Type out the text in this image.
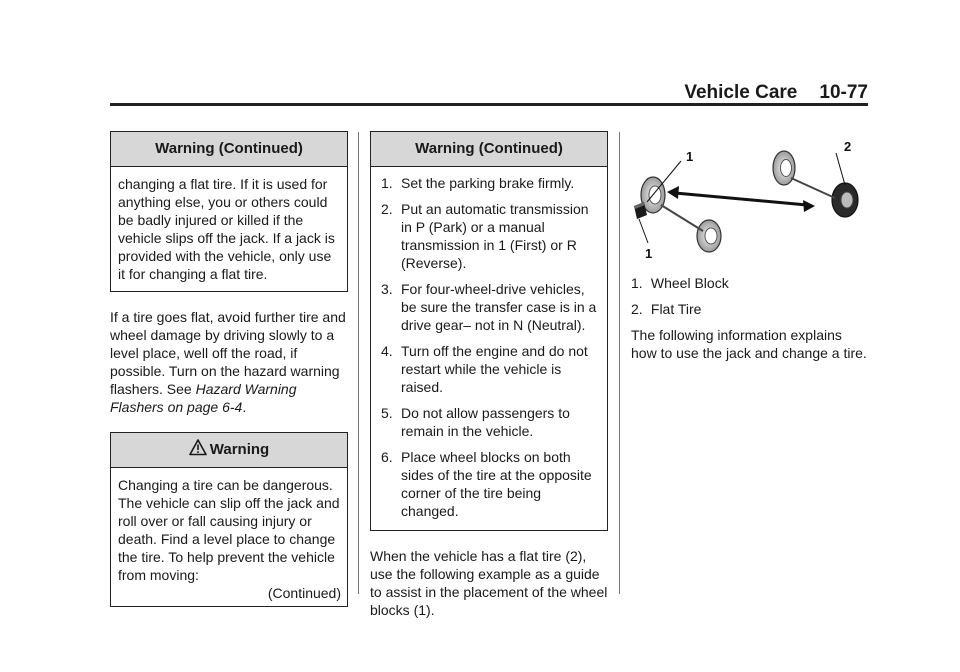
Vehicle Care 10-77
Warning (Continued)
changing a flat tire. If it is used for anything else, you or others could be badly injured or killed if the vehicle slips off the jack. If a jack is provided with the vehicle, only use it for changing a flat tire.

If a tire goes flat, avoid further tire and wheel damage by driving slowly to a level place, well off the road, if possible. Turn on the hazard warning flashers. See Hazard Warning Flashers on page 6-4.

Warning
Changing a tire can be dangerous. The vehicle can slip off the jack and roll over or fall causing injury or death. Find a level place to change the tire. To help prevent the vehicle from moving:
(Continued)
Warning (Continued)
1. Set the parking brake firmly.
2. Put an automatic transmission in P (Park) or a manual transmission in 1 (First) or R (Reverse).
3. For four-wheel-drive vehicles, be sure the transfer case is in a drive gear– not in N (Neutral).
4. Turn off the engine and do not restart while the vehicle is raised.
5. Do not allow passengers to remain in the vehicle.
6. Place wheel blocks on both sides of the tire at the opposite corner of the tire being changed.

When the vehicle has a flat tire (2), use the following example as a guide to assist in the placement of the wheel blocks (1).

1
2
1
1. Wheel Block
2. Flat Tire

The following information explains how to use the jack and change a tire.
